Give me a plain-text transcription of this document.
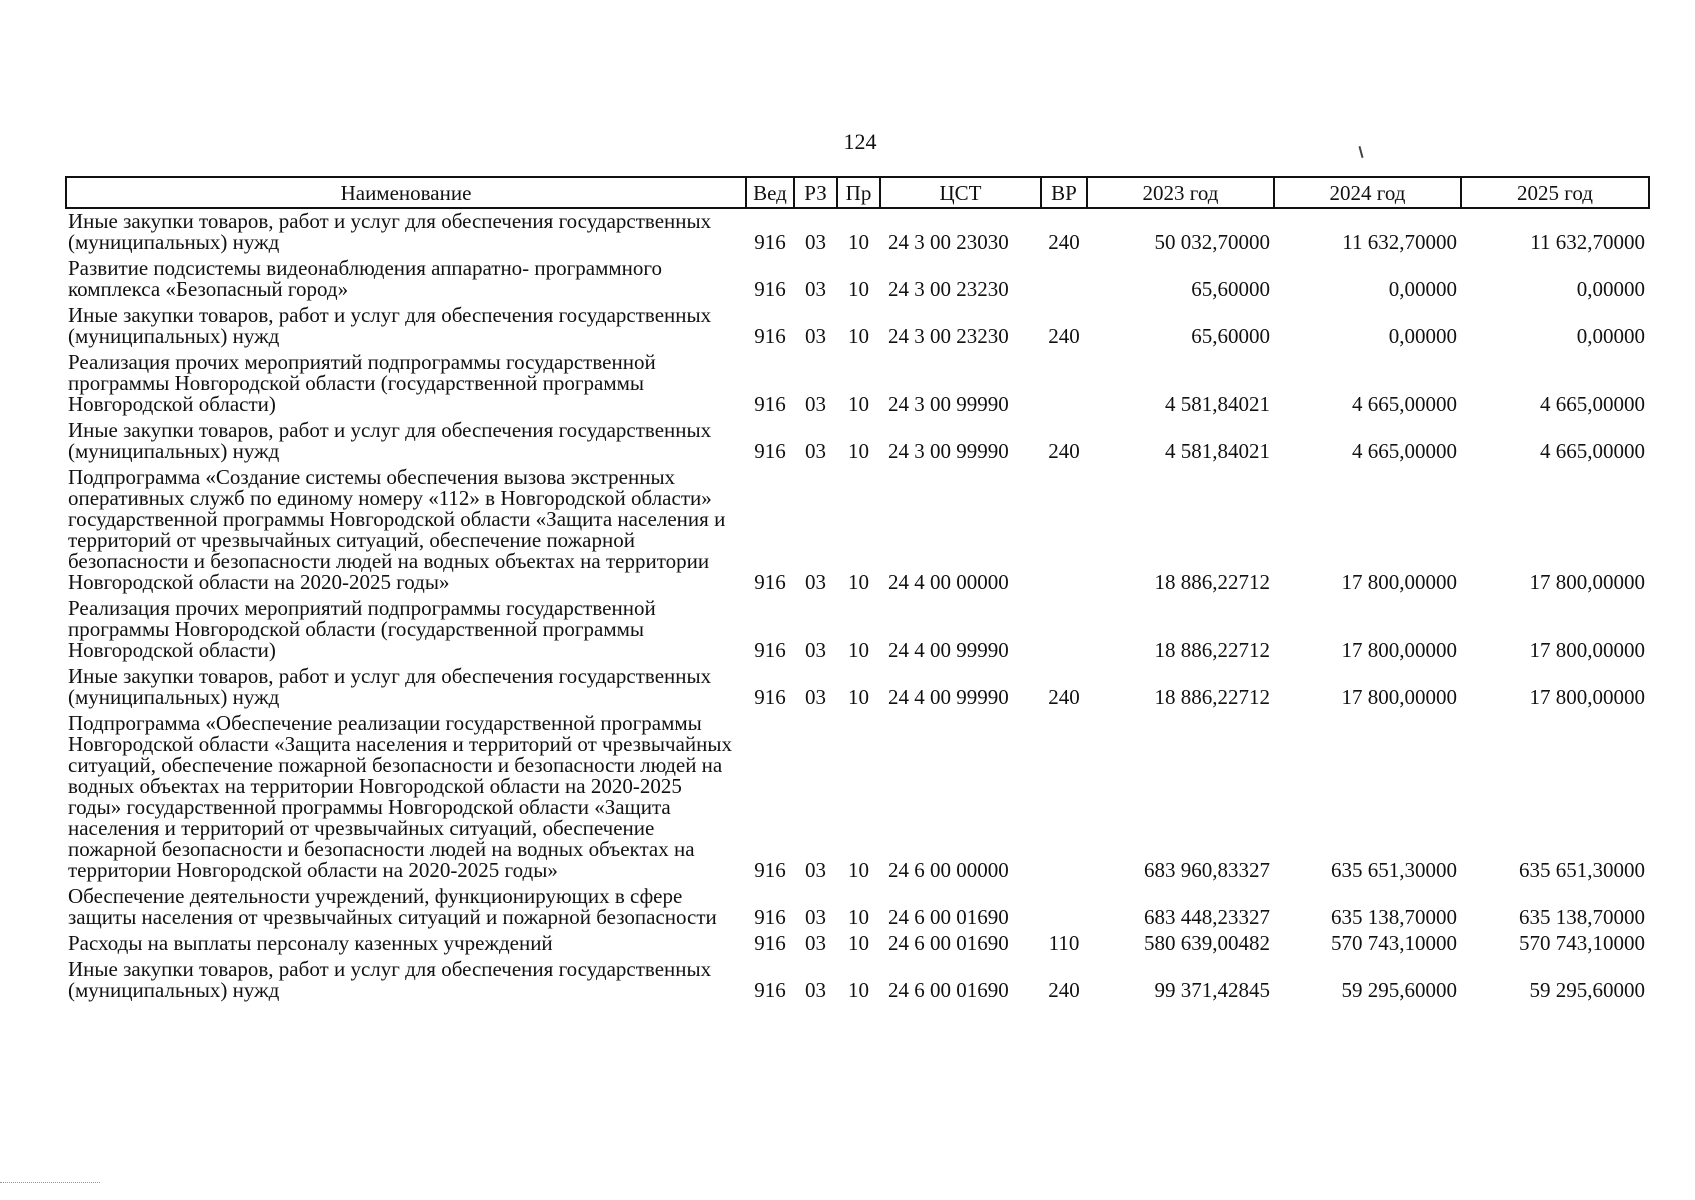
124
Наименование	Вед	РЗ	Пр	ЦСТ	ВР	2023 год	2024 год	2025 год
Иные закупки товаров, работ и услуг для обеспечения государственных (муниципальных) нужд	916	03	10	24 3 00 23030	240	50 032,70000	11 632,70000	11 632,70000
Развитие подсистемы видеонаблюдения аппаратно- программного комплекса «Безопасный город»	916	03	10	24 3 00 23230		65,60000	0,00000	0,00000
Иные закупки товаров, работ и услуг для обеспечения государственных (муниципальных) нужд	916	03	10	24 3 00 23230	240	65,60000	0,00000	0,00000
Реализация прочих мероприятий подпрограммы государственной программы Новгородской области (государственной программы Новгородской области)	916	03	10	24 3 00 99990		4 581,84021	4 665,00000	4 665,00000
Иные закупки товаров, работ и услуг для обеспечения государственных (муниципальных) нужд	916	03	10	24 3 00 99990	240	4 581,84021	4 665,00000	4 665,00000
Подпрограмма «Создание системы обеспечения вызова экстренных оперативных служб по единому номеру «112» в Новгородской области» государственной программы Новгородской области «Защита населения и территорий от чрезвычайных ситуаций, обеспечение пожарной безопасности и безопасности людей на водных объектах на территории Новгородской области на 2020-2025 годы»	916	03	10	24 4 00 00000		18 886,22712	17 800,00000	17 800,00000
Реализация прочих мероприятий подпрограммы государственной программы Новгородской области (государственной программы Новгородской области)	916	03	10	24 4 00 99990		18 886,22712	17 800,00000	17 800,00000
Иные закупки товаров, работ и услуг для обеспечения государственных (муниципальных) нужд	916	03	10	24 4 00 99990	240	18 886,22712	17 800,00000	17 800,00000
Подпрограмма «Обеспечение реализации государственной программы Новгородской области «Защита населения и территорий от чрезвычайных ситуаций, обеспечение пожарной безопасности и безопасности людей на водных объектах на территории Новгородской области на 2020-2025 годы» государственной программы Новгородской области «Защита населения и территорий от чрезвычайных ситуаций, обеспечение пожарной безопасности и безопасности людей на водных объектах на территории Новгородской области на 2020-2025 годы»	916	03	10	24 6 00 00000		683 960,83327	635 651,30000	635 651,30000
Обеспечение деятельности учреждений, функционирующих в сфере защиты населения от чрезвычайных ситуаций и пожарной безопасности	916	03	10	24 6 00 01690		683 448,23327	635 138,70000	635 138,70000
Расходы на выплаты персоналу казенных учреждений	916	03	10	24 6 00 01690	110	580 639,00482	570 743,10000	570 743,10000
Иные закупки товаров, работ и услуг для обеспечения государственных (муниципальных) нужд	916	03	10	24 6 00 01690	240	99 371,42845	59 295,60000	59 295,60000
